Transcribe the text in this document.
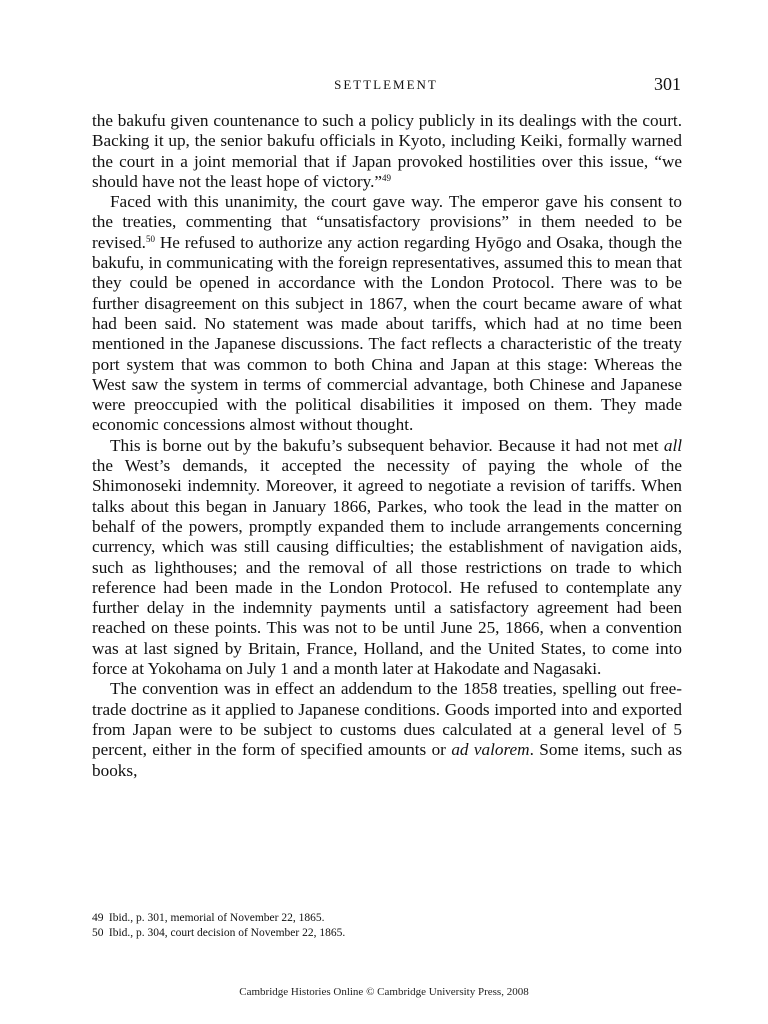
SETTLEMENT	301

the bakufu given countenance to such a policy publicly in its dealings with the court. Backing it up, the senior bakufu officials in Kyoto, including Keiki, formally warned the court in a joint memorial that if Japan provoked hostilities over this issue, “we should have not the least hope of victory.”$^{49}$

Faced with this unanimity, the court gave way. The emperor gave his consent to the treaties, commenting that “unsatisfactory provisions” in them needed to be revised.$^{50}$ He refused to authorize any action regarding Hyōgo and Osaka, though the bakufu, in communicating with the foreign representatives, assumed this to mean that they could be opened in accordance with the London Protocol. There was to be further disagreement on this subject in 1867, when the court became aware of what had been said. No statement was made about tariffs, which had at no time been mentioned in the Japanese discussions. The fact reflects a characteristic of the treaty port system that was common to both China and Japan at this stage: Whereas the West saw the system in terms of commercial advantage, both Chinese and Japanese were preoccupied with the political disabilities it imposed on them. They made economic concessions almost without thought.

This is borne out by the bakufu’s subsequent behavior. Because it had not met all the West’s demands, it accepted the necessity of paying the whole of the Shimonoseki indemnity. Moreover, it agreed to negotiate a revision of tariffs. When talks about this began in January 1866, Parkes, who took the lead in the matter on behalf of the powers, promptly expanded them to include arrangements concerning currency, which was still causing difficulties; the establishment of navigation aids, such as lighthouses; and the removal of all those restrictions on trade to which reference had been made in the London Protocol. He refused to contemplate any further delay in the indemnity payments until a satisfactory agreement had been reached on these points. This was not to be until June 25, 1866, when a convention was at last signed by Britain, France, Holland, and the United States, to come into force at Yokohama on July 1 and a month later at Hakodate and Nagasaki.

The convention was in effect an addendum to the 1858 treaties, spelling out free-trade doctrine as it applied to Japanese conditions. Goods imported into and exported from Japan were to be subject to customs dues calculated at a general level of 5 percent, either in the form of specified amounts or ad valorem. Some items, such as books,

49 Ibid., p. 301, memorial of November 22, 1865.
50 Ibid., p. 304, court decision of November 22, 1865.
Cambridge Histories Online © Cambridge University Press, 2008
